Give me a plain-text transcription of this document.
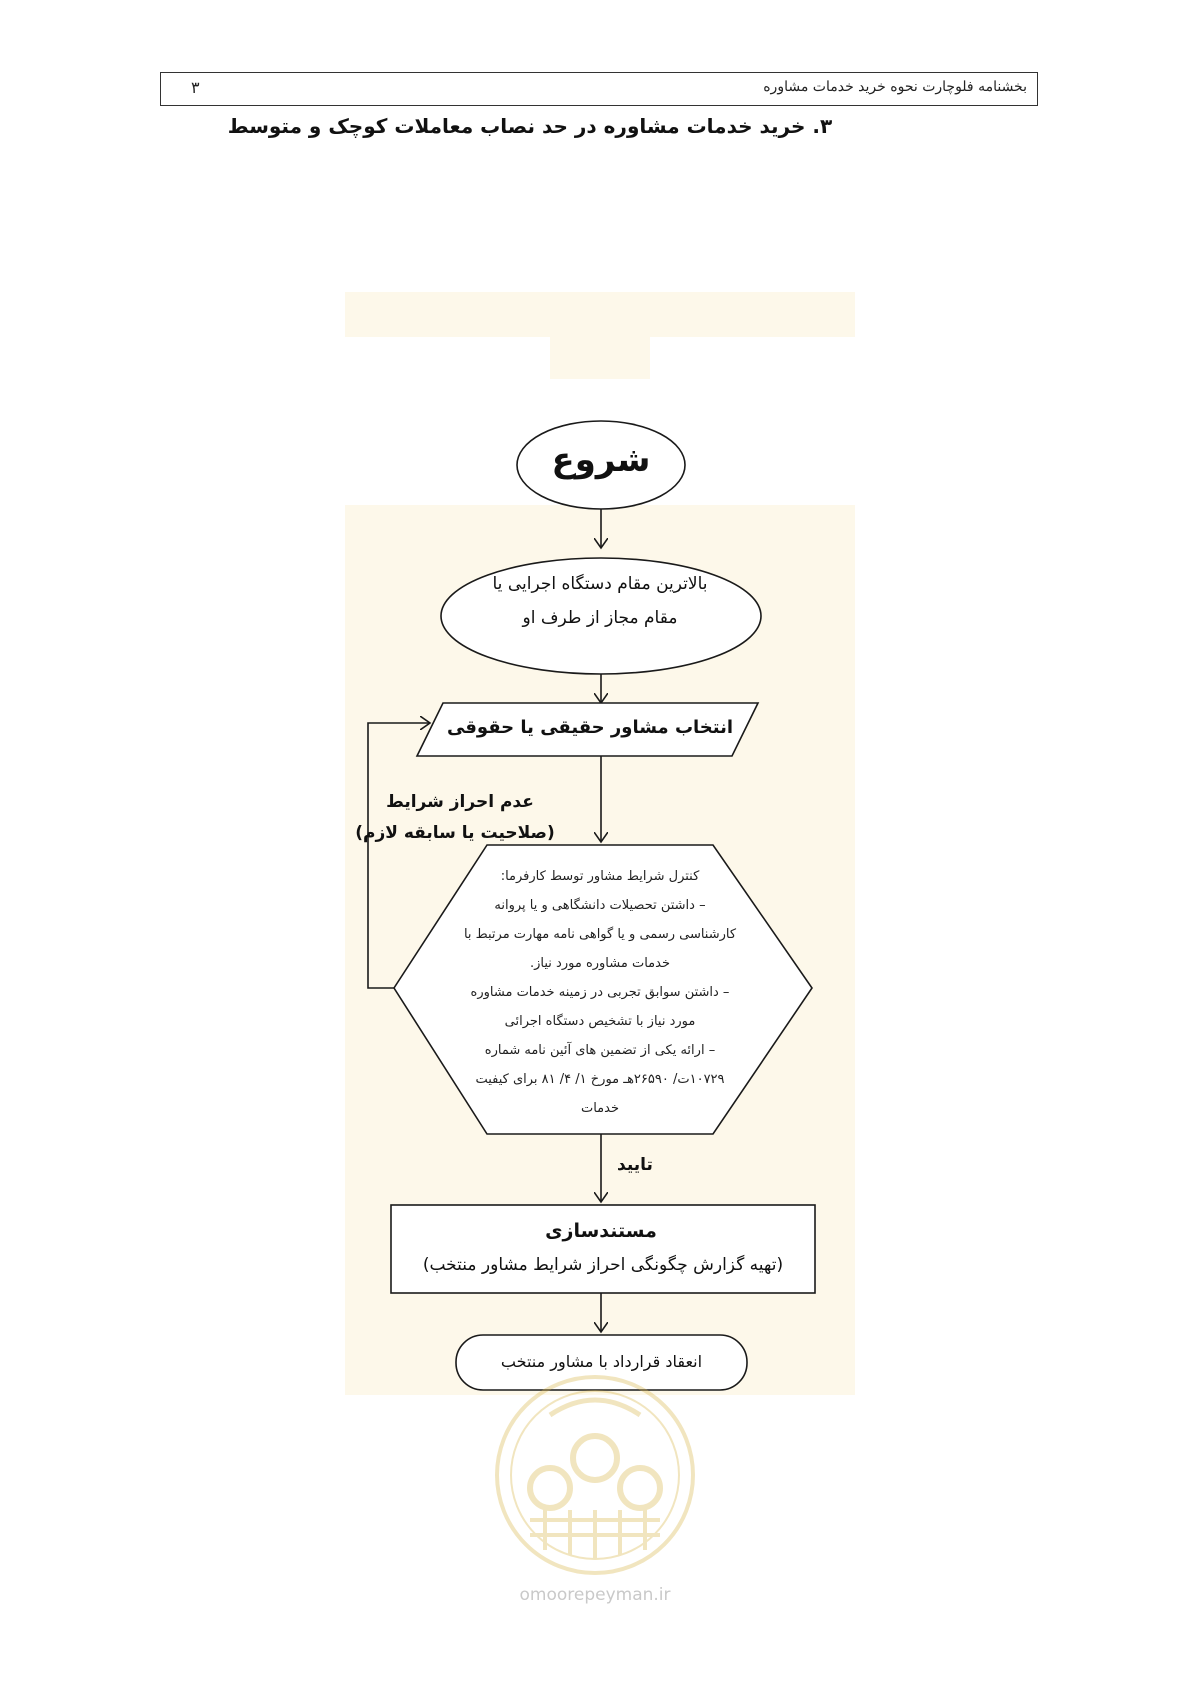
بخشنامه فلوچارت نحوه خرید خدمات مشاوره
۳
۳. خرید خدمات مشاوره در حد نصاب معاملات کوچک و متوسط
شروع
بالاترین مقام دستگاه اجرایی یا
مقام مجاز از طرف او
انتخاب مشاور حقیقی یا حقوقی
عدم احراز شرایط
(صلاحیت یا سابقه لازم)
کنترل شرایط مشاور توسط کارفرما:
– داشتن تحصیلات دانشگاهی و یا پروانه
کارشناسی رسمی و یا گواهی نامه مهارت مرتبط با
خدمات مشاوره مورد نیاز.
– داشتن سوابق تجربی در زمینه خدمات مشاوره
مورد نیاز با تشخیص دستگاه اجرائی
– ارائه یکی از تضمین های آئین نامه شماره
۱۰۷۲۹ت/ ۲۶۵۹۰هـ مورخ ۱/ ۴/ ۸۱ برای کیفیت
خدمات
تایید
مستندسازی
(تهیه گزارش چگونگی احراز شرایط مشاور منتخب)
انعقاد قرارداد با مشاور منتخب
omoorepeyman.ir
